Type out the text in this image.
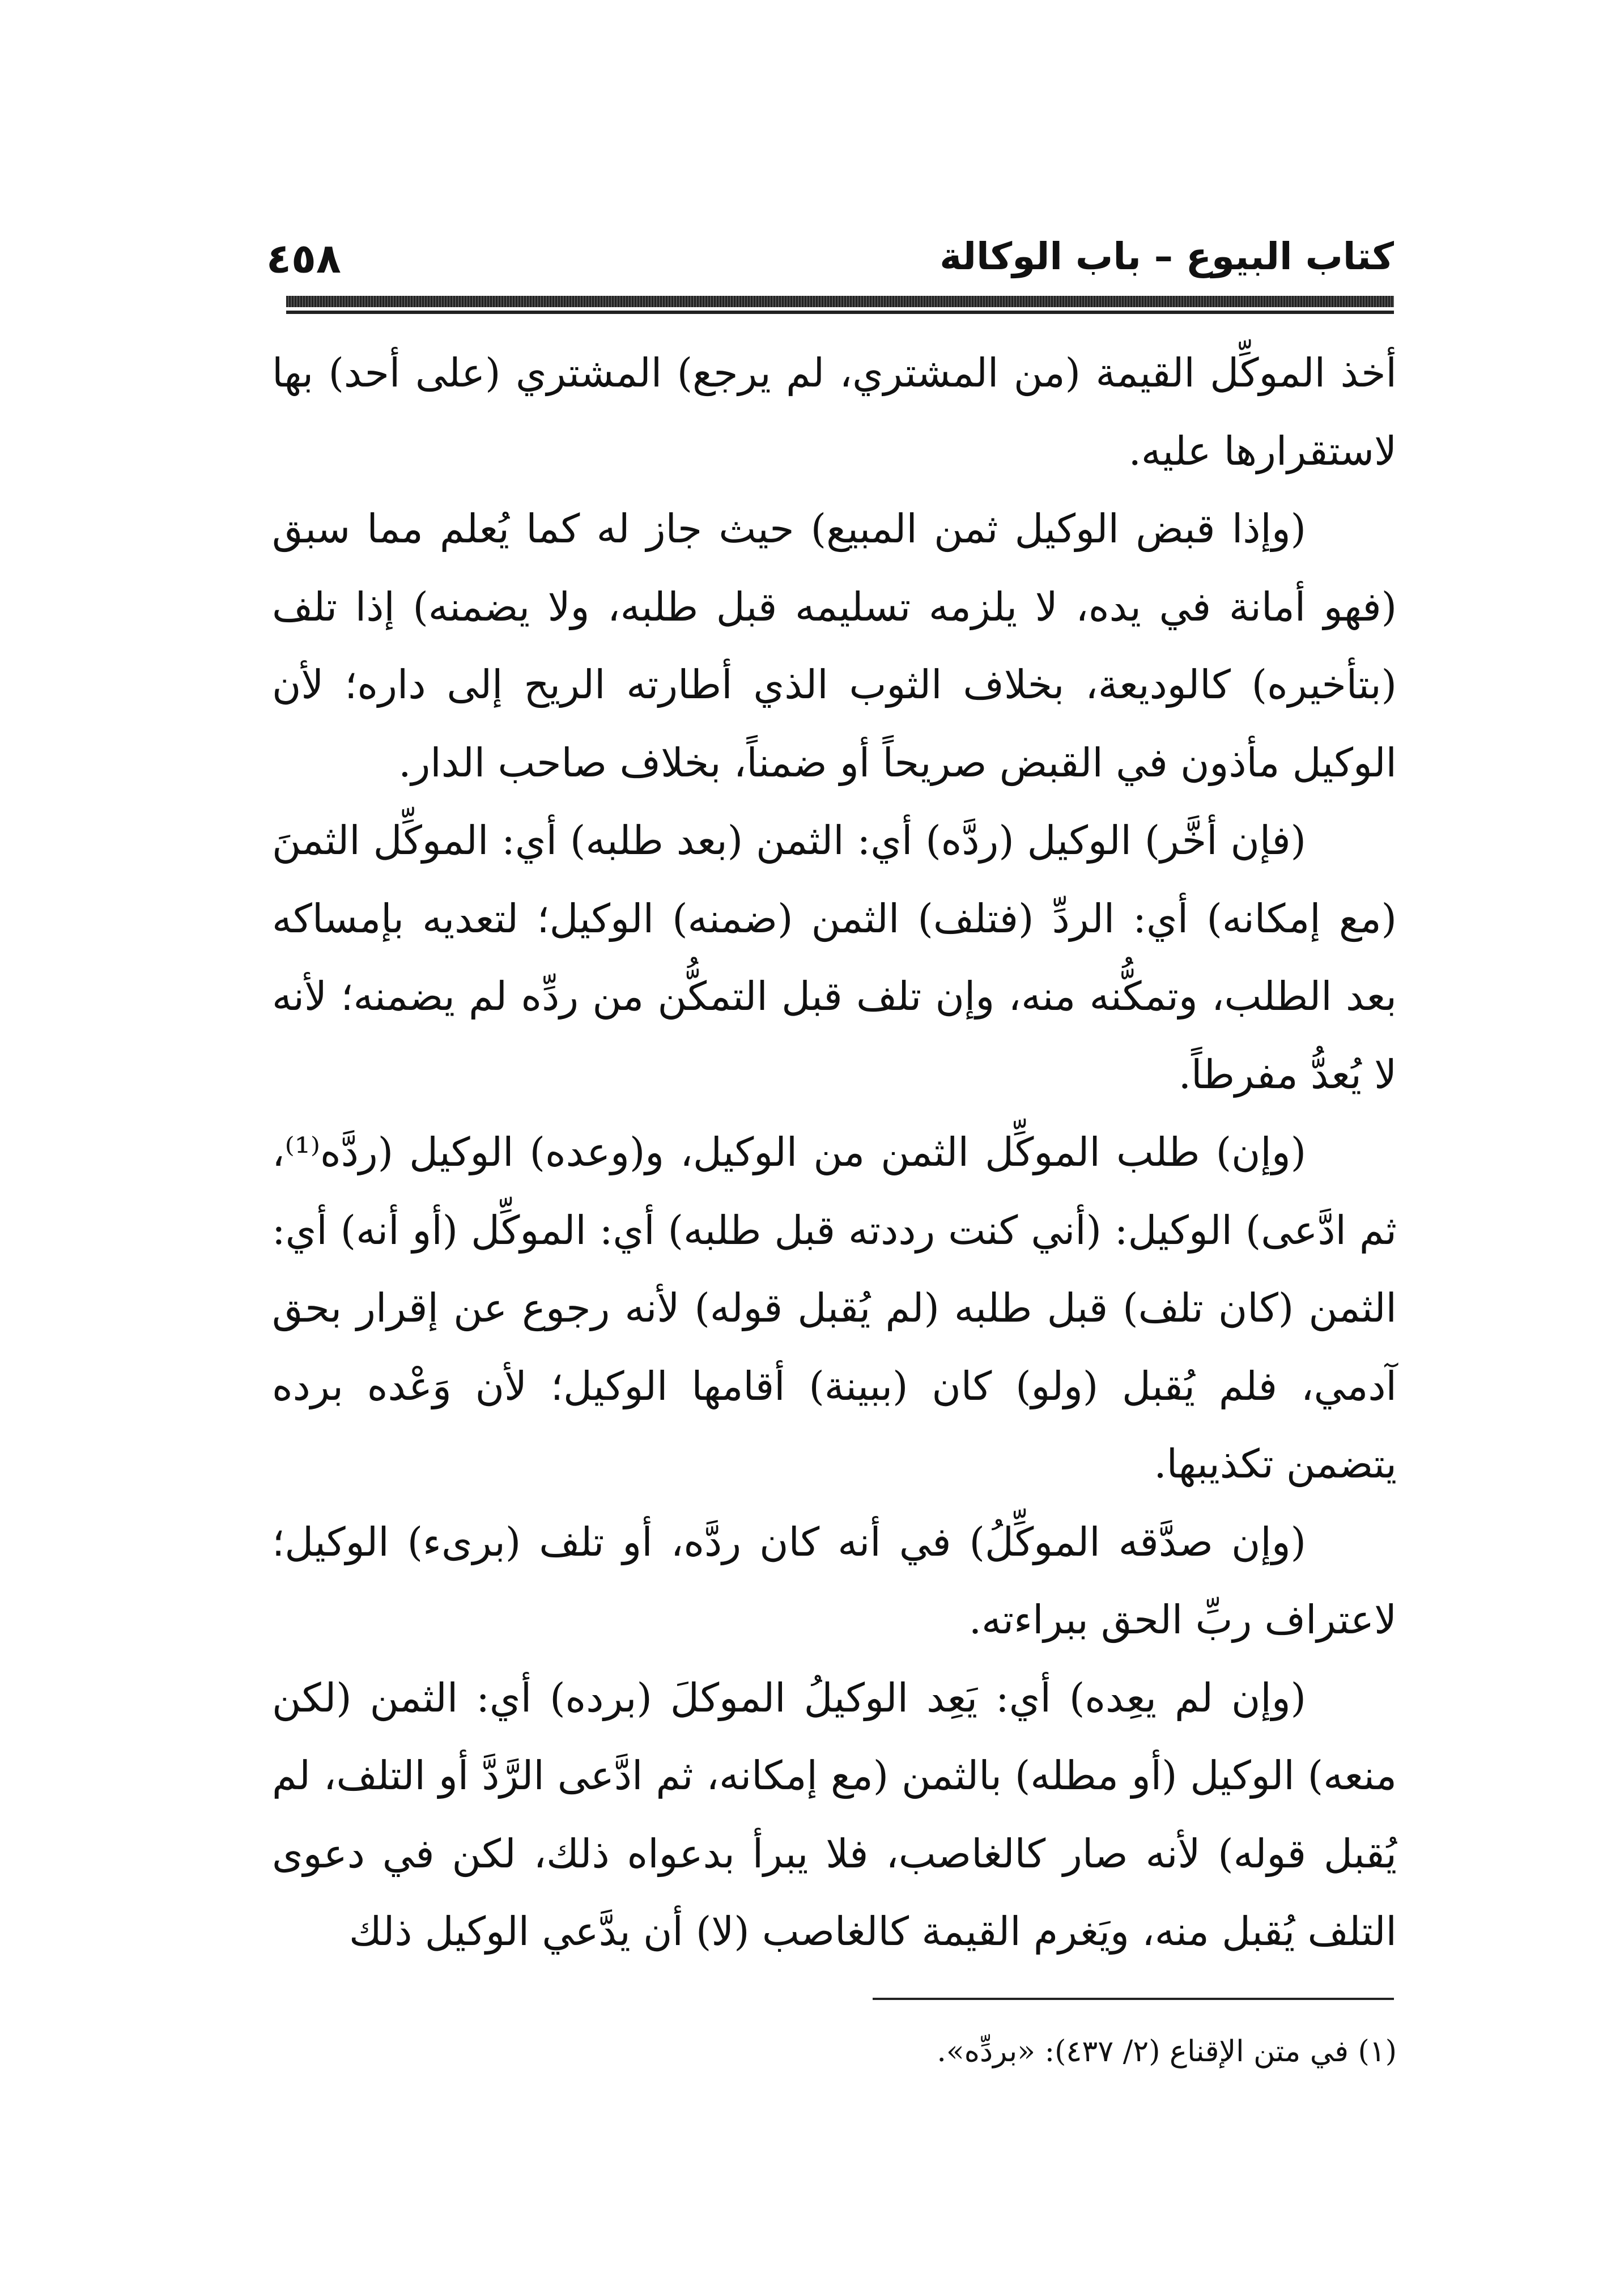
٤٥٨	كتاب البيوع – باب الوكالة

أخذ الموكِّل القيمة (من المشتري، لم يرجع) المشتري (على أحد) بها لاستقرارها عليه.

(وإذا قبض الوكيل ثمن المبيع) حيث جاز له كما يُعلم مما سبق (فهو أمانة في يده، لا يلزمه تسليمه قبل طلبه، ولا يضمنه) إذا تلف (بتأخيره) كالوديعة، بخلاف الثوب الذي أطارته الريح إلى داره؛ لأن الوكيل مأذون في القبض صريحاً أو ضمناً، بخلاف صاحب الدار.

(فإن أخَّر) الوكيل (ردَّه) أي: الثمن (بعد طلبه) أي: الموكِّل الثمنَ (مع إمكانه) أي: الردِّ (فتلف) الثمن (ضمنه) الوكيل؛ لتعديه بإمساكه بعد الطلب، وتمكُّنه منه، وإن تلف قبل التمكُّن من ردِّه لم يضمنه؛ لأنه لا يُعدُّ مفرطاً.

(وإن) طلب الموكِّل الثمن من الوكيل، و(وعده) الوكيل (ردَّه⁽¹⁾، ثم ادَّعى) الوكيل: (أني كنت رددته قبل طلبه) أي: الموكِّل (أو أنه) أي: الثمن (كان تلف) قبل طلبه (لم يُقبل قوله) لأنه رجوع عن إقرار بحق آدمي، فلم يُقبل (ولو) كان (ببينة) أقامها الوكيل؛ لأن وَعْده برده يتضمن تكذيبها.

(وإن صدَّقه الموكِّلُ) في أنه كان ردَّه، أو تلف (برىء) الوكيل؛ لاعتراف ربِّ الحق ببراءته.

(وإن لم يعِده) أي: يَعِد الوكيلُ الموكلَ (برده) أي: الثمن (لكن منعه) الوكيل (أو مطله) بالثمن (مع إمكانه، ثم ادَّعى الرَّدَّ أو التلف، لم يُقبل قوله) لأنه صار كالغاصب، فلا يبرأ بدعواه ذلك، لكن في دعوى التلف يُقبل منه، ويَغرم القيمة كالغاصب (لا) أن يدَّعي الوكيل ذلك

(١) في متن الإقناع (٢/ ٤٣٧): «بردِّه».
